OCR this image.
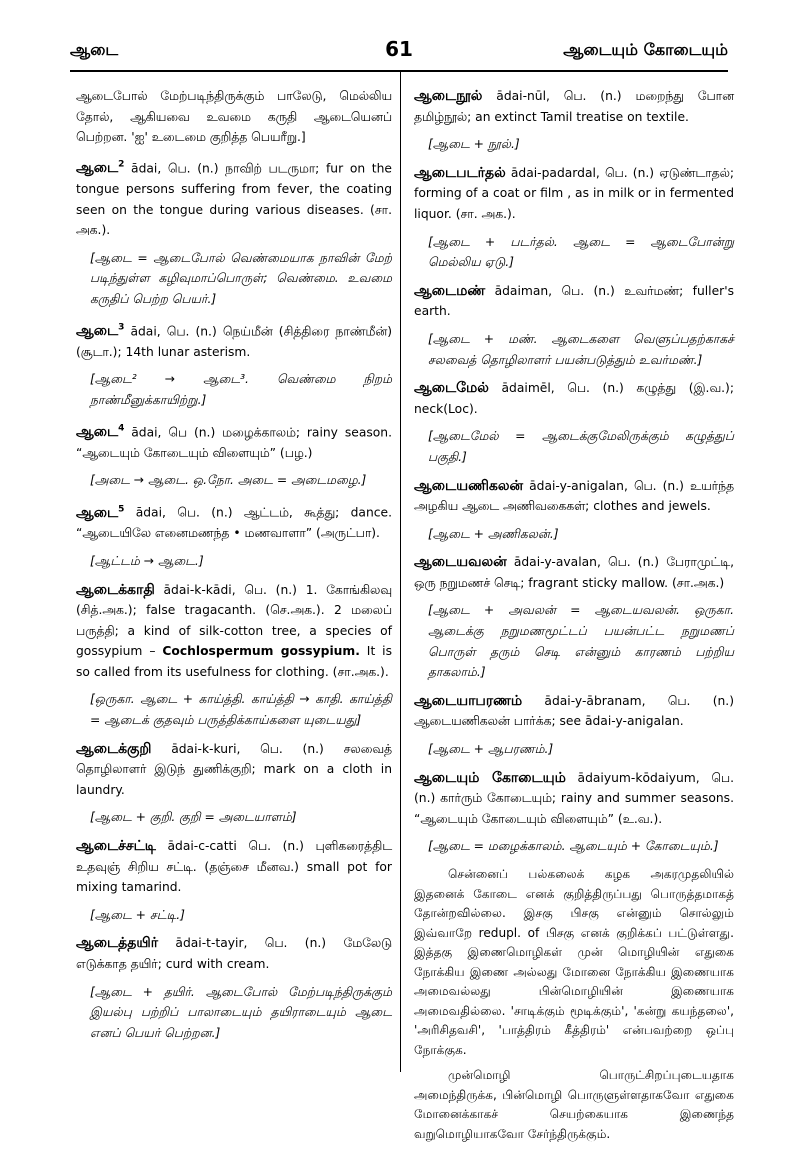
ஆடை	61	ஆடையும் கோடையும்

ஆடைபோல் மேற்படிந்திருக்கும் பாலேடு, மெல்லிய தோல், ஆகியவை உவமை கருதி ஆடையெனப் பெற்றன. 'ஐ' உடைமை குறித்த பெயரீறு.]

ஆடை$^2$ ādai, பெ. (n.) நாவிற் படருமா; fur on the tongue persons suffering from fever, the coating seen on the tongue during various diseases. (சா. அக.).

[ஆடை = ஆடைபோல் வெண்மையாக நாவின் மேற் படிந்துள்ள கழிவுமாப்பொருள்; வெண்மை. உவமை கருதிப் பெற்ற பெயர்.]

ஆடை$^3$ ādai, பெ. (n.) நெய்மீன் (சித்திரை நாண்மீன்) (சூடா.); 14th lunar asterism.

[ஆடை² → ஆடை³. வெண்மை நிறம் நாண்மீனுக்காயிற்று.]

ஆடை$^4$ ādai, பெ (n.) மழைக்காலம்; rainy season. “ஆடையும் கோடையும் விளையும்” (பழ.)

[அடை → ஆடை. ஒ.நோ. அடை = அடைமழை.]

ஆடை$^5$ ādai, பெ. (n.) ஆட்டம், கூத்து; dance. “ஆடையிலே எனைமணந்த • மணவாளா” (அருட்பா).

[ஆட்டம் → ஆடை.]

ஆடைக்காதி ādai-k-kādi, பெ. (n.) 1. கோங்கிலவு (சித்.அக.); false tragacanth. (செ.அக.). 2 மலைப் பருத்தி; a kind of silk-cotton tree, a species of gossypium – Cochlospermum gossypium. It is so called from its usefulness for clothing. (சா.அக.).

[ஒருகா. ஆடை + காய்த்தி. காய்த்தி → காதி. காய்த்தி = ஆடைக் குதவும் பருத்திக்காய்களை யுடையது]

ஆடைக்குறி ādai-k-kuri, பெ. (n.) சலவைத் தொழிலாளர் இடுந் துணிக்குறி; mark on a cloth in laundry.

[ஆடை + குறி. குறி = அடையாளம்]

ஆடைச்சட்டி ādai-c-catti பெ. (n.) புளிகரைத்திட உதவுஞ் சிறிய சட்டி. (தஞ்சை மீனவ.) small pot for mixing tamarind.

[ஆடை + சட்டி.]

ஆடைத்தயிர் ādai-t-tayir, பெ. (n.) மேலேடு எடுக்காத தயிர்; curd with cream.

[ஆடை + தயிர். ஆடைபோல் மேற்படிந்திருக்கும் இயல்பு பற்றிப் பாலாடையும் தயிராடையும் ஆடை எனப் பெயர் பெற்றன.]

ஆடைநூல் ādai-nūl, பெ. (n.) மறைந்து போன தமிழ்நூல்; an extinct Tamil treatise on textile.

[ஆடை + நூல்.]

ஆடைபடர்தல் ādai-padardal, பெ. (n.) ஏடுண்டாதல்; forming of a coat or film , as in milk or in fermented liquor. (சா. அக.).

[ஆடை + படர்தல். ஆடை = ஆடைபோன்று மெல்லிய ஏடு.]

ஆடைமண் ādaiman, பெ. (n.) உவர்மண்; fuller's earth.

[ஆடை + மண். ஆடைகளை வெளுப்பதற்காகச் சலவைத் தொழிலாளர் பயன்படுத்தும் உவர்மண்.]

ஆடைமேல் ādaimēl, பெ. (n.) கழுத்து (இ.வ.); neck(Loc).

[ஆடைமேல் = ஆடைக்குமேலிருக்கும் கழுத்துப் பகுதி.]

ஆடையணிகலன் ādai-y-anigalan, பெ. (n.) உயர்ந்த அழகிய ஆடை அணிவகைகள்; clothes and jewels.

[ஆடை + அணிகலன்.]

ஆடையவலன் ādai-y-avalan, பெ. (n.) பேராமுட்டி, ஒரு நறுமணச் செடி; fragrant sticky mallow. (சா.அக.)

[ஆடை + அவலன் = ஆடையவலன். ஒருகா. ஆடைக்கு நறுமணமூட்டப் பயன்பட்ட நறுமணப் பொருள் தரும் செடி என்னும் காரணம் பற்றிய தாகலாம்.]

ஆடையாபரணம் ādai-y-ābranam, பெ. (n.) ஆடையணிகலன் பார்க்க; see ādai-y-anigalan.

[ஆடை + ஆபரணம்.]

ஆடையும் கோடையும் ādaiyum-kōdaiyum, பெ. (n.) கார்ரும் கோடையும்; rainy and summer seasons. “ஆடையும் கோடையும் விளையும்” (உ.வ.).

[ஆடை = மழைக்காலம். ஆடையும் + கோடையும்.]

சென்னைப் பல்கலைக் கழக அகரமுதலியில் இதனைக் கோடை எனக் குறித்திருப்பது பொருத்தமாகத் தோன்றவில்லை. இசகு பிசகு என்னும் சொல்லும் இவ்வாறே redupl. of பிசகு எனக் குறிக்கப் பட்டுள்ளது. இத்தகு இணைமொழிகள் முன் மொழியின் எதுகை நோக்கிய இணை அல்லது மோனை நோக்கிய இணையாக அமைவல்லது பின்மொழியின் இணையாக அமைவதில்லை. 'சாடிக்கும் மூடிக்கும்', 'கன்று கயந்தலை', 'அரிசிதவசி', 'பாத்திரம் கீத்திரம்' என்பவற்றை ஒப்பு நோக்குக.

முன்மொழி பொருட்சிறப்புடையதாக அமைந்திருக்க, பின்மொழி பொருளுள்ளதாகவோ எதுகை மோனைக்காகச் செயற்கையாக இணைந்த வறுமொழியாகவோ சேர்ந்திருக்கும்.
